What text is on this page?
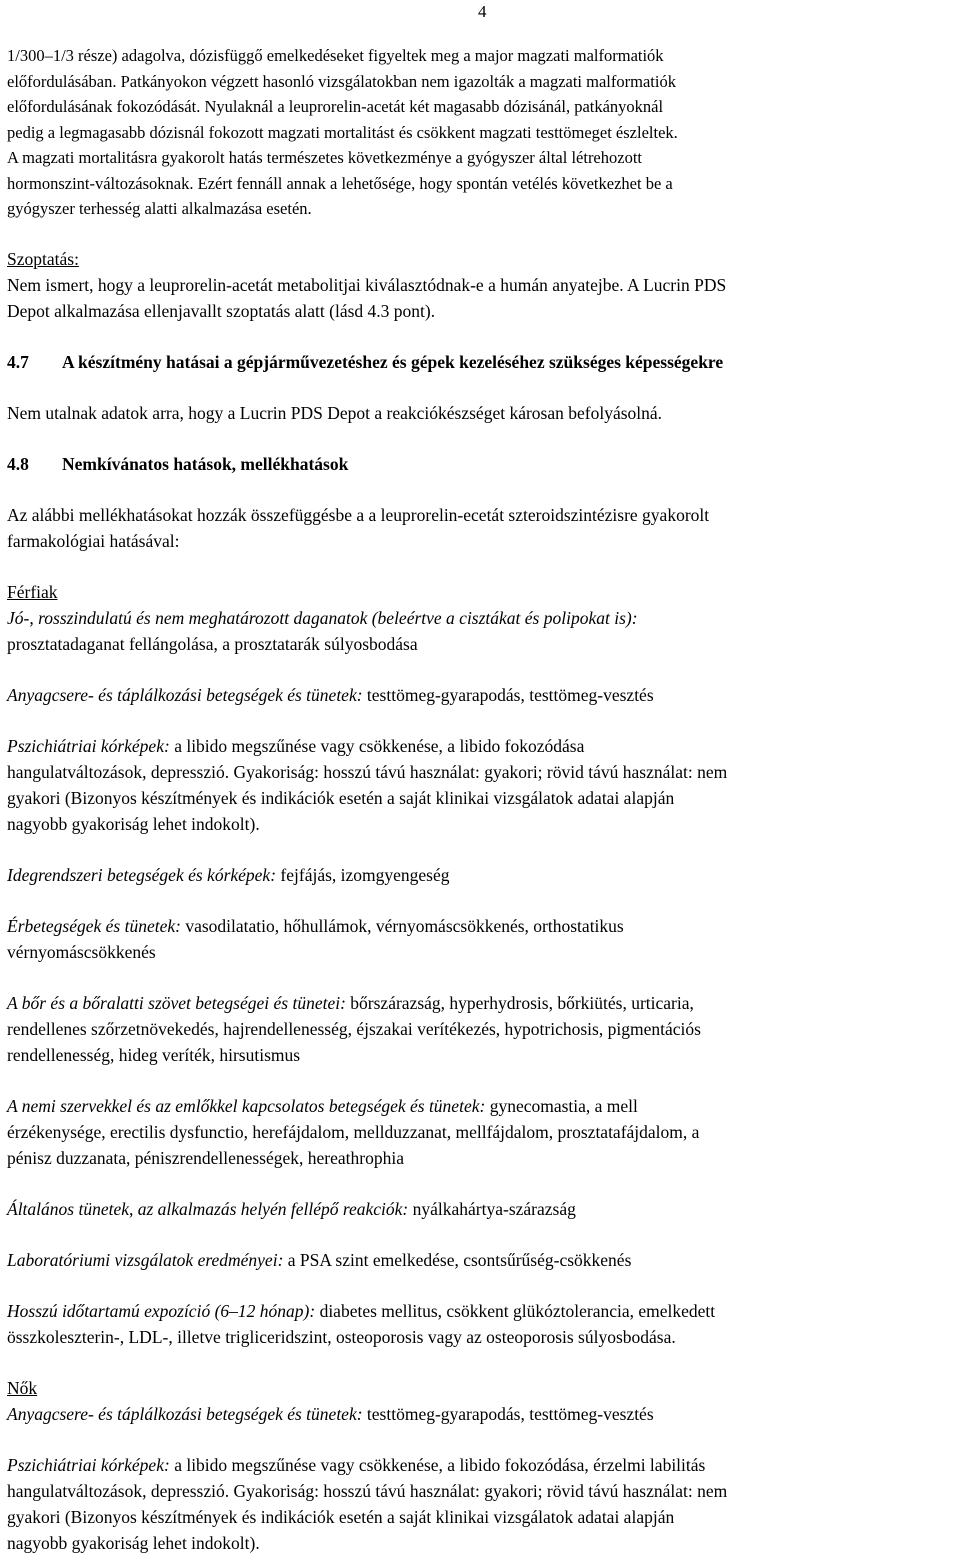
4
1/300–1/3 része) adagolva, dózisfüggő emelkedéseket figyeltek meg a major magzati malformatiók
előfordulásában. Patkányokon végzett hasonló vizsgálatokban nem igazolták a magzati malformatiók
előfordulásának fokozódását. Nyulaknál a leuprorelin-acetát két magasabb dózisánál, patkányoknál
pedig a legmagasabb dózisnál fokozott magzati mortalitást és csökkent magzati testtömeget észleltek.
A magzati mortalitásra gyakorolt hatás természetes következménye a gyógyszer által létrehozott
hormonszint-változásoknak. Ezért fennáll annak a lehetősége, hogy spontán vetélés következhet be a
gyógyszer terhesség alatti alkalmazása esetén.
Szoptatás:
Nem ismert, hogy a leuprorelin-acetát metabolitjai kiválasztódnak-e a humán anyatejbe. A Lucrin PDS
Depot alkalmazása ellenjavallt szoptatás alatt (lásd 4.3 pont).
4.7 A készítmény hatásai a gépjárművezetéshez és gépek kezeléséhez szükséges képességekre
Nem utalnak adatok arra, hogy a Lucrin PDS Depot a reakciókészséget károsan befolyásolná.
4.8 Nemkívánatos hatások, mellékhatások
Az alábbi mellékhatásokat hozzák összefüggésbe a a leuprorelin-ecetát szteroidszintézisre gyakorolt
farmakológiai hatásával:
Férfiak
Jó-, rosszindulatú és nem meghatározott daganatok (beleértve a cisztákat és polipokat is):
prosztatadaganat fellángolása, a prosztatarák súlyosbodása
Anyagcsere- és táplálkozási betegségek és tünetek: testtömeg-gyarapodás, testtömeg-vesztés
Pszichiátriai kórképek: a libido megszűnése vagy csökkenése, a libido fokozódása
hangulatváltozások, depresszió. Gyakoriság: hosszú távú használat: gyakori; rövid távú használat: nem
gyakori (Bizonyos készítmények és indikációk esetén a saját klinikai vizsgálatok adatai alapján
nagyobb gyakoriság lehet indokolt).
Idegrendszeri betegségek és kórképek: fejfájás, izomgyengeség
Érbetegségek és tünetek: vasodilatatio, hőhullámok, vérnyomáscsökkenés, orthostatikus
vérnyomáscsökkenés
A bőr és a bőralatti szövet betegségei és tünetei: bőrszárazság, hyperhydrosis, bőrkiütés, urticaria,
rendellenes szőrzetnövekedés, hajrendellenesség, éjszakai verítékezés, hypotrichosis, pigmentációs
rendellenesség, hideg veríték, hirsutismus
A nemi szervekkel és az emlőkkel kapcsolatos betegségek és tünetek: gynecomastia, a mell
érzékenysége, erectilis dysfunctio, herefájdalom, mellduzzanat, mellfájdalom, prosztatafájdalom, a
pénisz duzzanata, péniszrendellenességek, hereathrophia
Általános tünetek, az alkalmazás helyén fellépő reakciók: nyálkahártya-szárazság
Laboratóriumi vizsgálatok eredményei: a PSA szint emelkedése, csontsűrűség-csökkenés
Hosszú időtartamú expozíció (6–12 hónap): diabetes mellitus, csökkent glükóztolerancia, emelkedett
összkoleszterin-, LDL-, illetve trigliceridszint, osteoporosis vagy az osteoporosis súlyosbodása.
Nők
Anyagcsere- és táplálkozási betegségek és tünetek: testtömeg-gyarapodás, testtömeg-vesztés
Pszichiátriai kórképek: a libido megszűnése vagy csökkenése, a libido fokozódása, érzelmi labilitás
hangulatváltozások, depresszió. Gyakoriság: hosszú távú használat: gyakori; rövid távú használat: nem
gyakori (Bizonyos készítmények és indikációk esetén a saját klinikai vizsgálatok adatai alapján
nagyobb gyakoriság lehet indokolt).
